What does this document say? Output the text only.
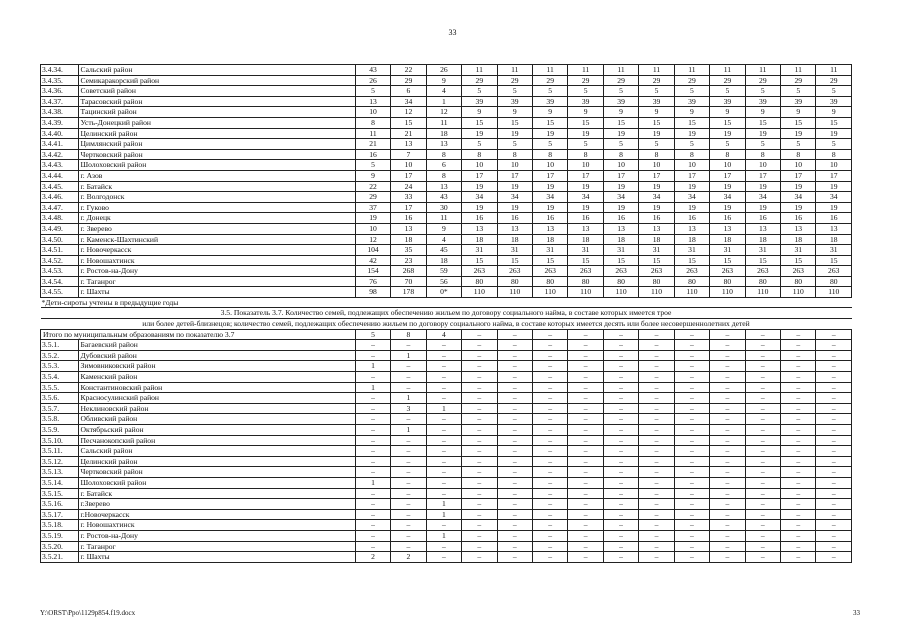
33
3.4.34.	Сальский район	43	22	26	11	11	11	11	11	11	11	11	11	11	11
3.4.35.	Семикаракорский район	26	29	9	29	29	29	29	29	29	29	29	29	29	29
3.4.36.	Советский район	5	6	4	5	5	5	5	5	5	5	5	5	5	5
3.4.37.	Тарасовский район	13	34	1	39	39	39	39	39	39	39	39	39	39	39
3.4.38.	Тацинский район	10	12	12	9	9	9	9	9	9	9	9	9	9	9
3.4.39.	Усть-Донецкий район	8	15	11	15	15	15	15	15	15	15	15	15	15	15
3.4.40.	Целинский район	11	21	18	19	19	19	19	19	19	19	19	19	19	19
3.4.41.	Цимлянский район	21	13	13	5	5	5	5	5	5	5	5	5	5	5
3.4.42.	Чертковский район	16	7	8	8	8	8	8	8	8	8	8	8	8	8
3.4.43.	Шолоховский район	5	10	6	10	10	10	10	10	10	10	10	10	10	10
3.4.44.	г. Азов	9	17	8	17	17	17	17	17	17	17	17	17	17	17
3.4.45.	г. Батайск	22	24	13	19	19	19	19	19	19	19	19	19	19	19
3.4.46.	г. Волгодонск	29	33	43	34	34	34	34	34	34	34	34	34	34	34
3.4.47.	г. Гуково	37	17	30	19	19	19	19	19	19	19	19	19	19	19
3.4.48.	г. Донецк	19	16	11	16	16	16	16	16	16	16	16	16	16	16
3.4.49.	г. Зверево	10	13	9	13	13	13	13	13	13	13	13	13	13	13
3.4.50.	г. Каменск-Шахтинский	12	18	4	18	18	18	18	18	18	18	18	18	18	18
3.4.51.	г. Новочеркасск	104	35	45	31	31	31	31	31	31	31	31	31	31	31
3.4.52.	г. Новошахтинск	42	23	18	15	15	15	15	15	15	15	15	15	15	15
3.4.53.	г. Ростов-на-Дону	154	268	59	263	263	263	263	263	263	263	263	263	263	263
3.4.54.	г. Таганрог	76	70	56	80	80	80	80	80	80	80	80	80	80	80
3.4.55.	г. Шахты	98	178	0*	110	110	110	110	110	110	110	110	110	110	110
*Дети-сироты учтены в предыдущие годы															
3.5. Показатель 3.7. Количество семей, подлежащих обеспечению жильем по договору социального найма, в составе которых имеется трое															
или более детей-близнецов; количество семей, подлежащих обеспечению жильем по договору социального найма, в составе которых имеется десять или более несовершеннолетних детей															
Итого по муниципальным образованиям по показателю 3.7		5	8	4	–	–	–	–	–	–	–	–	–	–	–
3.5.1.	Багаевский район	–	–	–	–	–	–	–	–	–	–	–	–	–	–
3.5.2.	Дубовский район	–	1	–	–	–	–	–	–	–	–	–	–	–	–
3.5.3.	Зимовниковский район	1	–	–	–	–	–	–	–	–	–	–	–	–	–
3.5.4.	Каменский район	–	–	–	–	–	–	–	–	–	–	–	–	–	–
3.5.5.	Константиновский район	1	–	–	–	–	–	–	–	–	–	–	–	–	–
3.5.6.	Красносулинский район	–	1	–	–	–	–	–	–	–	–	–	–	–	–
3.5.7.	Неклиновский район	–	3	1	–	–	–	–	–	–	–	–	–	–	–
3.5.8.	Обливский район	–	–	–	–	–	–	–	–	–	–	–	–	–	–
3.5.9.	Октябрьский район	–	1	–	–	–	–	–	–	–	–	–	–	–	–
3.5.10.	Песчанокопский район	–	–	–	–	–	–	–	–	–	–	–	–	–	–
3.5.11.	Сальский район	–	–	–	–	–	–	–	–	–	–	–	–	–	–
3.5.12.	Целинский район	–	–	–	–	–	–	–	–	–	–	–	–	–	–
3.5.13.	Чертковский район	–	–	–	–	–	–	–	–	–	–	–	–	–	–
3.5.14.	Шолоховский район	1	–	–	–	–	–	–	–	–	–	–	–	–	–
3.5.15.	г. Батайск	–	–	–	–	–	–	–	–	–	–	–	–	–	–
3.5.16.	г.Зверево	–	–	1	–	–	–	–	–	–	–	–	–	–	–
3.5.17.	г.Новочеркасск	–	–	1	–	–	–	–	–	–	–	–	–	–	–
3.5.18.	г. Новошахтинск	–	–	–	–	–	–	–	–	–	–	–	–	–	–
3.5.19.	г. Ростов-на-Дону	–	–	1	–	–	–	–	–	–	–	–	–	–	–
3.5.20.	г. Таганрог	–	–	–	–	–	–	–	–	–	–	–	–	–	–
3.5.21.	г. Шахты	2	2	–	–	–	–	–	–	–	–	–	–	–	–
Y:\ORST\Ppo\1129p854.f19.docx	33
